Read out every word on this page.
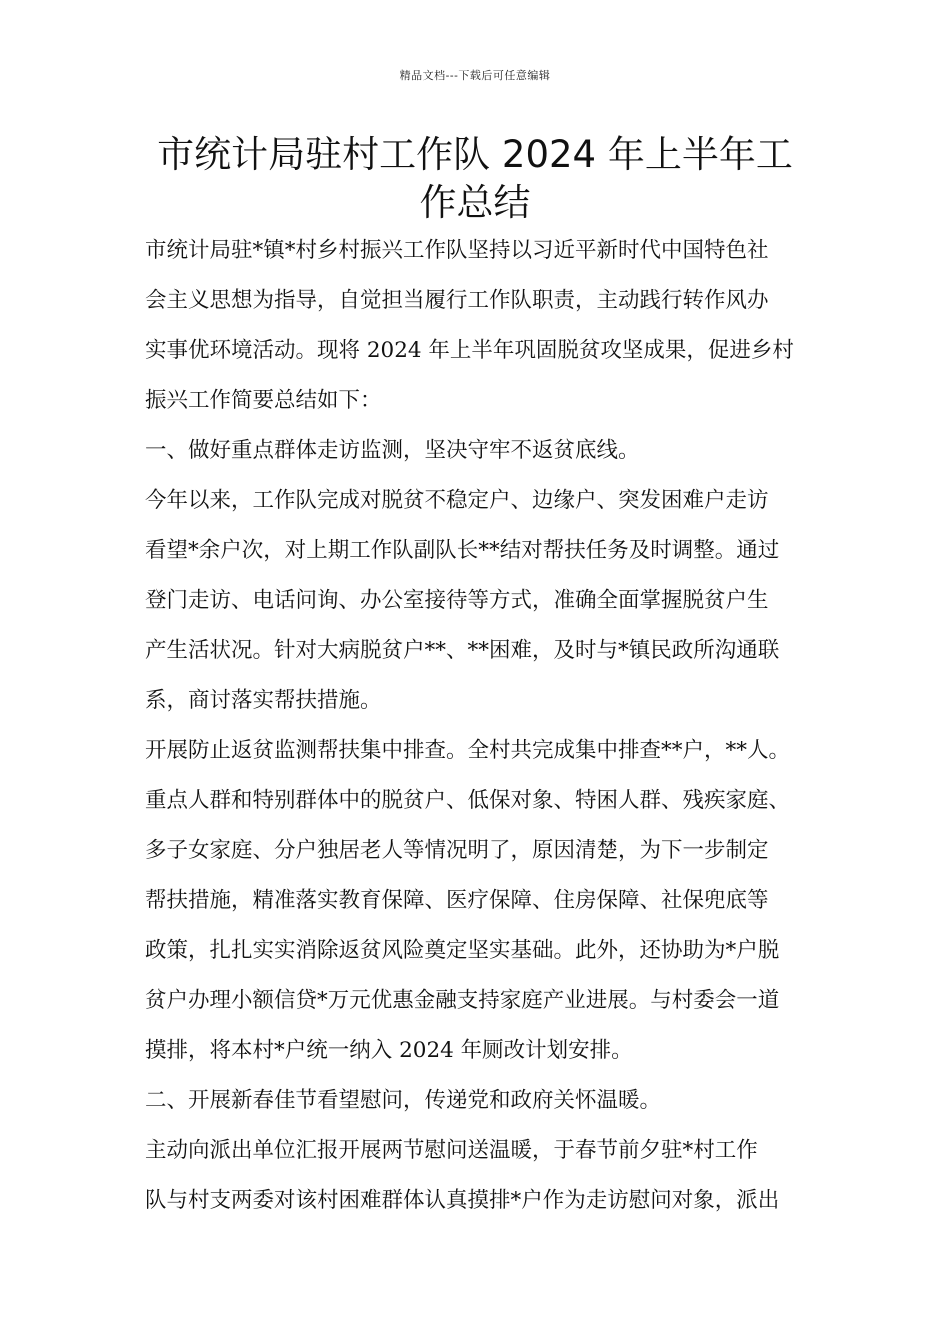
精品文档---下载后可任意编辑
市统计局驻村工作队 2024 年上半年工
作总结
市统计局驻*镇*村乡村振兴工作队坚持以习近平新时代中国特色社
会主义思想为指导，自觉担当履行工作队职责，主动践行转作风办
实事优环境活动。现将 2024 年上半年巩固脱贫攻坚成果，促进乡村
振兴工作简要总结如下：
一、做好重点群体走访监测，坚决守牢不返贫底线。
今年以来，工作队完成对脱贫不稳定户、边缘户、突发困难户走访
看望*余户次，对上期工作队副队长**结对帮扶任务及时调整。通过
登门走访、电话问询、办公室接待等方式，准确全面掌握脱贫户生
产生活状况。针对大病脱贫户**、**困难，及时与*镇民政所沟通联
系，商讨落实帮扶措施。
开展防止返贫监测帮扶集中排查。全村共完成集中排查**户，**人。
重点人群和特别群体中的脱贫户、低保对象、特困人群、残疾家庭、
多子女家庭、分户独居老人等情况明了，原因清楚，为下一步制定
帮扶措施，精准落实教育保障、医疗保障、住房保障、社保兜底等
政策，扎扎实实消除返贫风险奠定坚实基础。此外，还协助为*户脱
贫户办理小额信贷*万元优惠金融支持家庭产业进展。与村委会一道
摸排，将本村*户统一纳入 2024 年厕改计划安排。
二、开展新春佳节看望慰问，传递党和政府关怀温暖。
主动向派出单位汇报开展两节慰问送温暖，于春节前夕驻*村工作
队与村支两委对该村困难群体认真摸排*户作为走访慰问对象，派出
